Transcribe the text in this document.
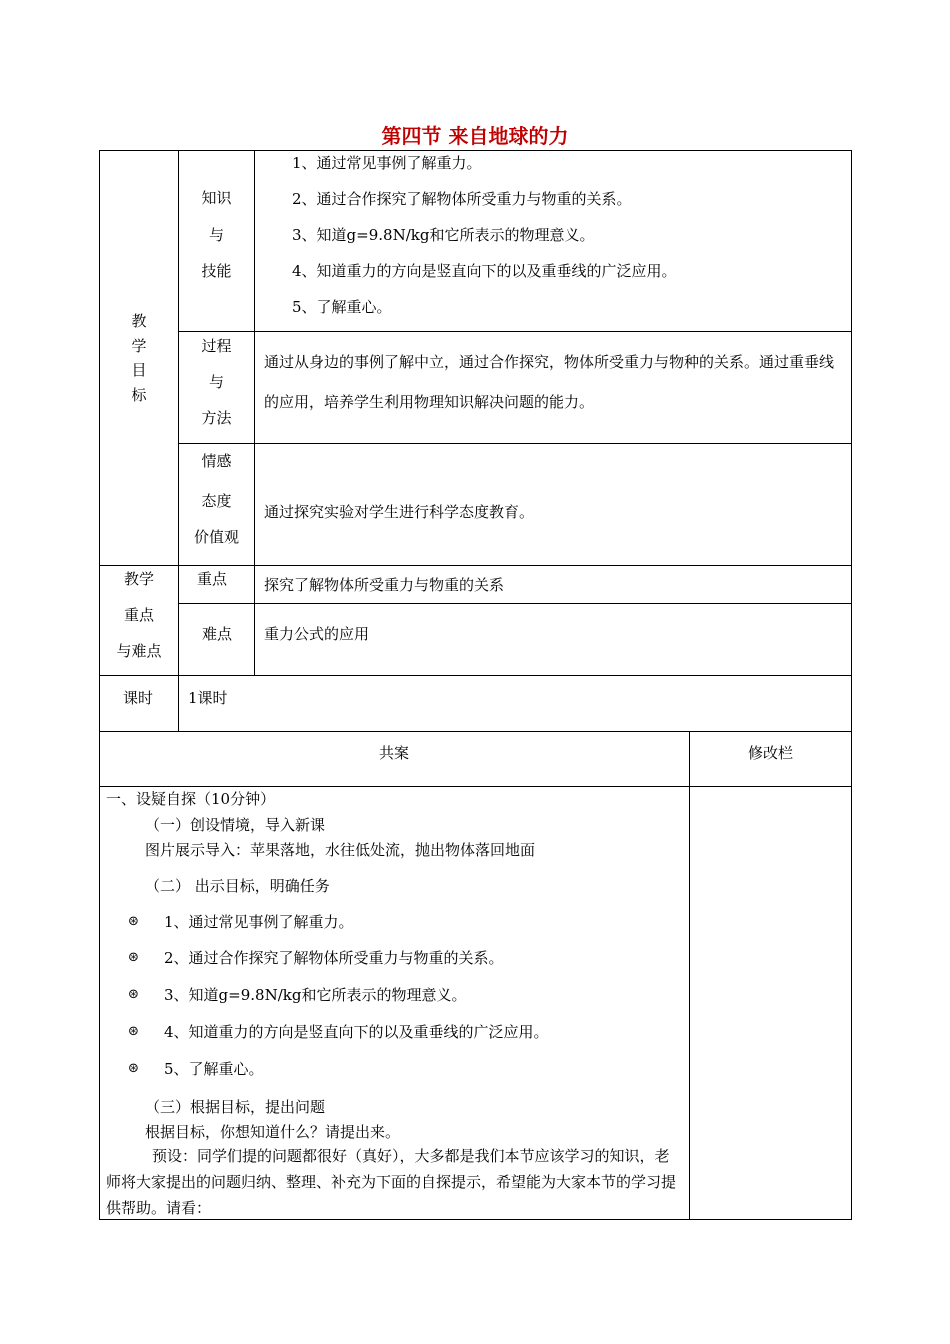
第四节 来自地球的力
教
学
目
标
知识
与
技能
1、通过常见事例了解重力。
2、通过合作探究了解物体所受重力与物重的关系。
3、知道g=9.8N/kg和它所表示的物理意义。
4、知道重力的方向是竖直向下的以及重垂线的广泛应用。
5、了解重心。
过程
与
方法
通过从身边的事例了解中立，通过合作探究，物体所受重力与物种的关系。通过重垂线的应用，培养学生利用物理知识解决问题的能力。
情感
态度
价值观
通过探究实验对学生进行科学态度教育。
教学
重点
与难点
重点 探究了解物体所受重力与物重的关系
难点 重力公式的应用
课时 1课时
共案	修改栏
一、设疑自探（10分钟）
（一）创设情境，导入新课
图片展示导入：苹果落地，水往低处流，抛出物体落回地面
（二） 出示目标，明确任务
⊛ 1、通过常见事例了解重力。
⊛ 2、通过合作探究了解物体所受重力与物重的关系。
⊛ 3、知道g=9.8N/kg和它所表示的物理意义。
⊛ 4、知道重力的方向是竖直向下的以及重垂线的广泛应用。
⊛ 5、了解重心。
（三）根据目标，提出问题
根据目标，你想知道什么？请提出来。
预设：同学们提的问题都很好（真好），大多都是我们本节应该学习的知识，老师将大家提出的问题归纳、整理、补充为下面的自探提示，希望能为大家本节的学习提供帮助。请看：
